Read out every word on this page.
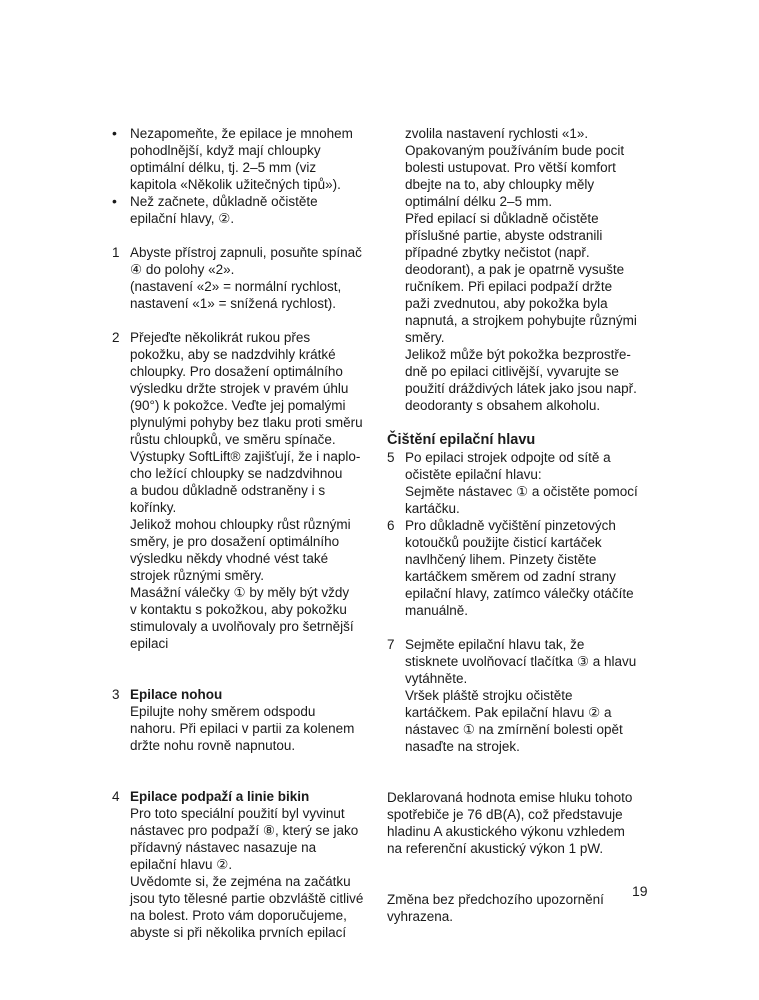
• Nezapomeňte, že epilace je mnohem
pohodlnější, když mají chloupky
optimální délku, tj. 2–5 mm (viz
kapitola «Několik užitečných tipů»).
• Než začnete, důkladně očistěte
epilační hlavy, ②.
1 Abyste přístroj zapnuli, posuňte spínač
④ do polohy «2».
(nastavení «2» = normální rychlost,
nastavení «1» = snížená rychlost).
2 Přejeďte několikrát rukou přes
pokožku, aby se nadzdvihly krátké
chloupky. Pro dosažení optimálního
výsledku držte strojek v pravém úhlu
(90°) k pokožce. Veďte jej pomalými
plynulými pohyby bez tlaku proti směru
růstu chloupků, ve směru spínače.
Výstupky SoftLift® zajišťují, že i naplo-
cho ležící chloupky se nadzdvihnou
a budou důkladně odstraněny i s
kořínky.
Jelikož mohou chloupky růst různými
směry, je pro dosažení optimálního
výsledku někdy vhodné vést také
strojek různými směry.
Masážní válečky ① by měly být vždy
v kontaktu s pokožkou, aby pokožku
stimulovaly a uvolňovaly pro šetrnější
epilaci
3 Epilace nohou
Epilujte nohy směrem odspodu
nahoru. Při epilaci v partii za kolenem
držte nohu rovně napnutou.
4 Epilace podpaží a linie bikin
Pro toto speciální použití byl vyvinut
nástavec pro podpaží ⑧, který se jako
přídavný nástavec nasazuje na
epilační hlavu ②.
Uvědomte si, že zejména na začátku
jsou tyto tělesné partie obzvláště citlivé
na bolest. Proto vám doporučujeme,
abyste si při několika prvních epilací
zvolila nastavení rychlosti «1».
Opakovaným používáním bude pocit
bolesti ustupovat. Pro větší komfort
dbejte na to, aby chloupky měly
optimální délku 2–5 mm.
Před epilací si důkladně očistěte
příslušné partie, abyste odstranili
případné zbytky nečistot (např.
deodorant), a pak je opatrně vysušte
ručníkem. Při epilaci podpaží držte
paži zvednutou, aby pokožka byla
napnutá, a strojkem pohybujte různými
směry.
Jelikož může být pokožka bezprostře-
dně po epilaci citlivější, vyvarujte se
použití dráždivých látek jako jsou např.
deodoranty s obsahem alkoholu.
Čištění epilační hlavu
5 Po epilaci strojek odpojte od sítě a
očistěte epilační hlavu:
Sejměte nástavec ① a očistěte pomocí
kartáčku.
6 Pro důkladně vyčištění pinzetových
kotoučků použijte čisticí kartáček
navlhčený lihem. Pinzety čistěte
kartáčkem směrem od zadní strany
epilační hlavy, zatímco válečky otáčíte
manuálně.
7 Sejměte epilační hlavu tak, že
stisknete uvolňovací tlačítka ③ a hlavu
vytáhněte.
Vršek pláště strojku očistěte
kartáčkem. Pak epilační hlavu ② a
nástavec ① na zmírnění bolesti opět
nasaďte na strojek.
Deklarovaná hodnota emise hluku tohoto
spotřebiče je 76 dB(A), což představuje
hladinu A akustického výkonu vzhledem
na referenční akustický výkon 1 pW.
Změna bez předchozího upozornění
vyhrazena.
19
